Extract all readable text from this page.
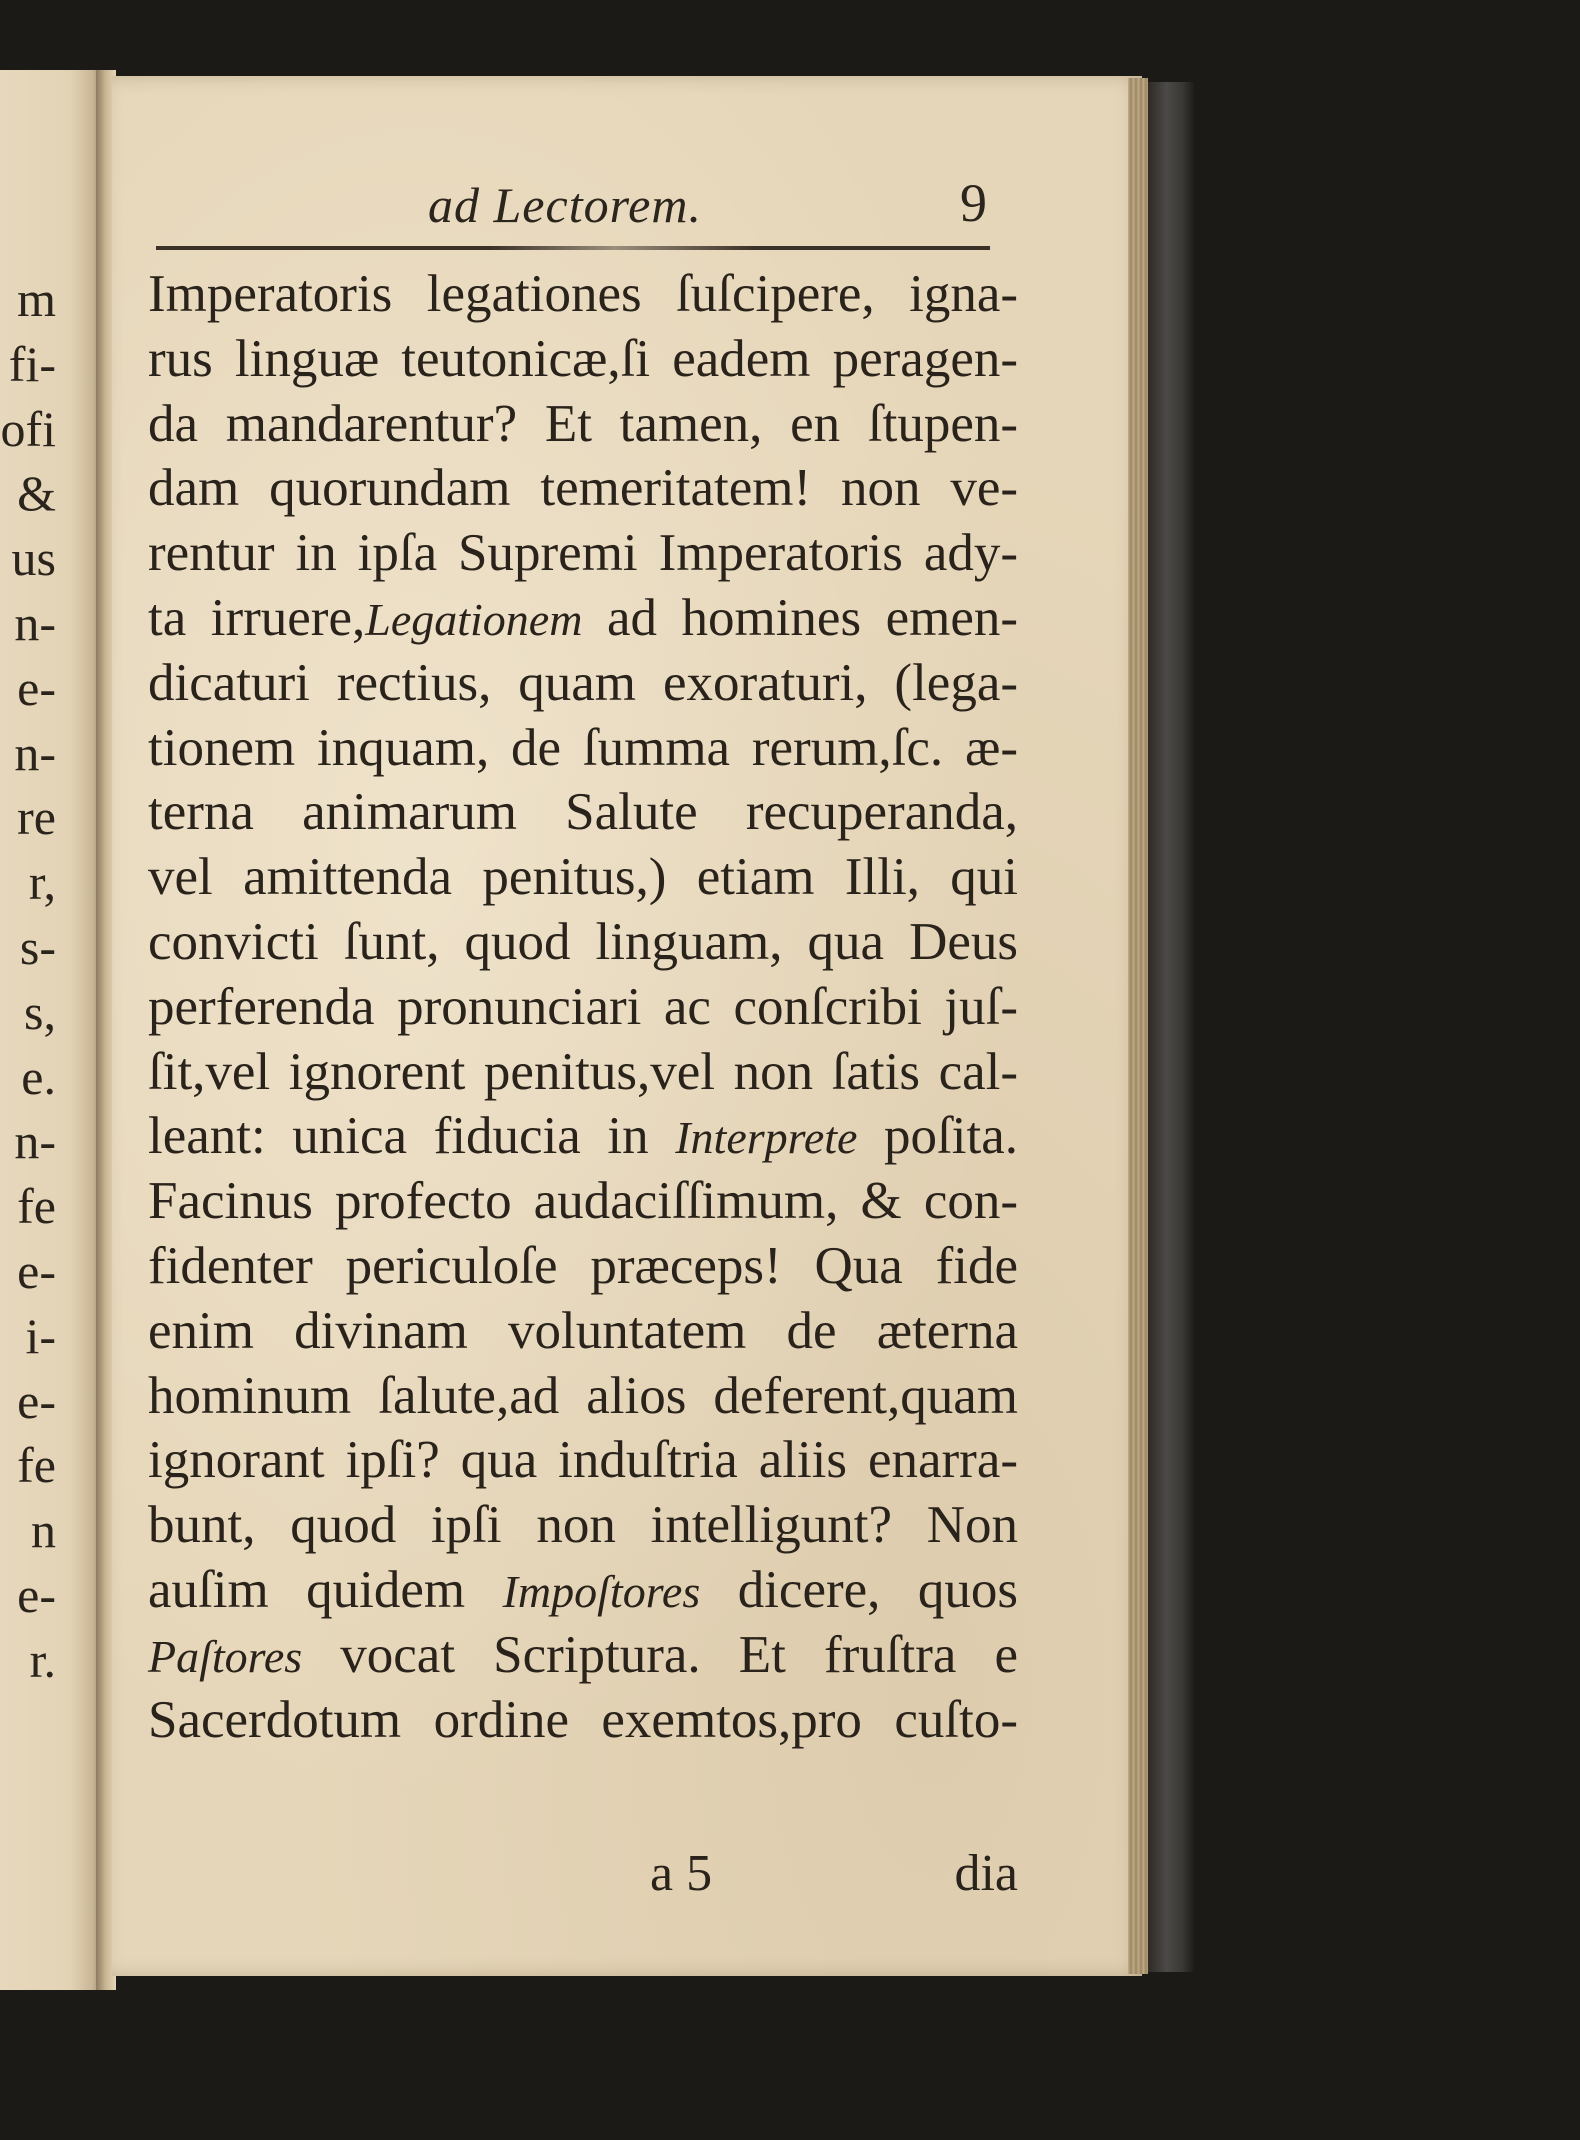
m
fi-
ofi
&
us
n-
e-
n-
re
r,
s-
s,
e.
n-
fe
e-
i-
e-
fe
n
e-
r.
ad Lectorem.	9
Imperatoris legationes ſuſcipere, igna-
rus linguæ teutonicæ,ſi eadem peragen-
da mandarentur? Et tamen, en ſtupen-
dam quorundam temeritatem! non ve-
rentur in ipſa Supremi Imperatoris ady-
ta irruere,Legationem ad homines emen-
dicaturi rectius, quam exoraturi, (lega-
tionem inquam, de ſumma rerum,ſc. æ-
terna animarum Salute recuperanda,
vel amittenda penitus,) etiam Illi, qui
convicti ſunt, quod linguam, qua Deus
perferenda pronunciari ac conſcribi juſ-
ſit,vel ignorent penitus,vel non ſatis cal-
leant: unica fiducia in Interprete poſita.
Facinus profecto audaciſſimum, & con-
fidenter periculoſe præceps! Qua fide
enim divinam voluntatem de æterna
hominum ſalute,ad alios deferent,quam
ignorant ipſi? qua induſtria aliis enarra-
bunt, quod ipſi non intelligunt? Non
auſim quidem Impoſtores dicere, quos
Paſtores vocat Scriptura. Et fruſtra e
Sacerdotum ordine exemtos,pro cuſto-
a 5	dia
